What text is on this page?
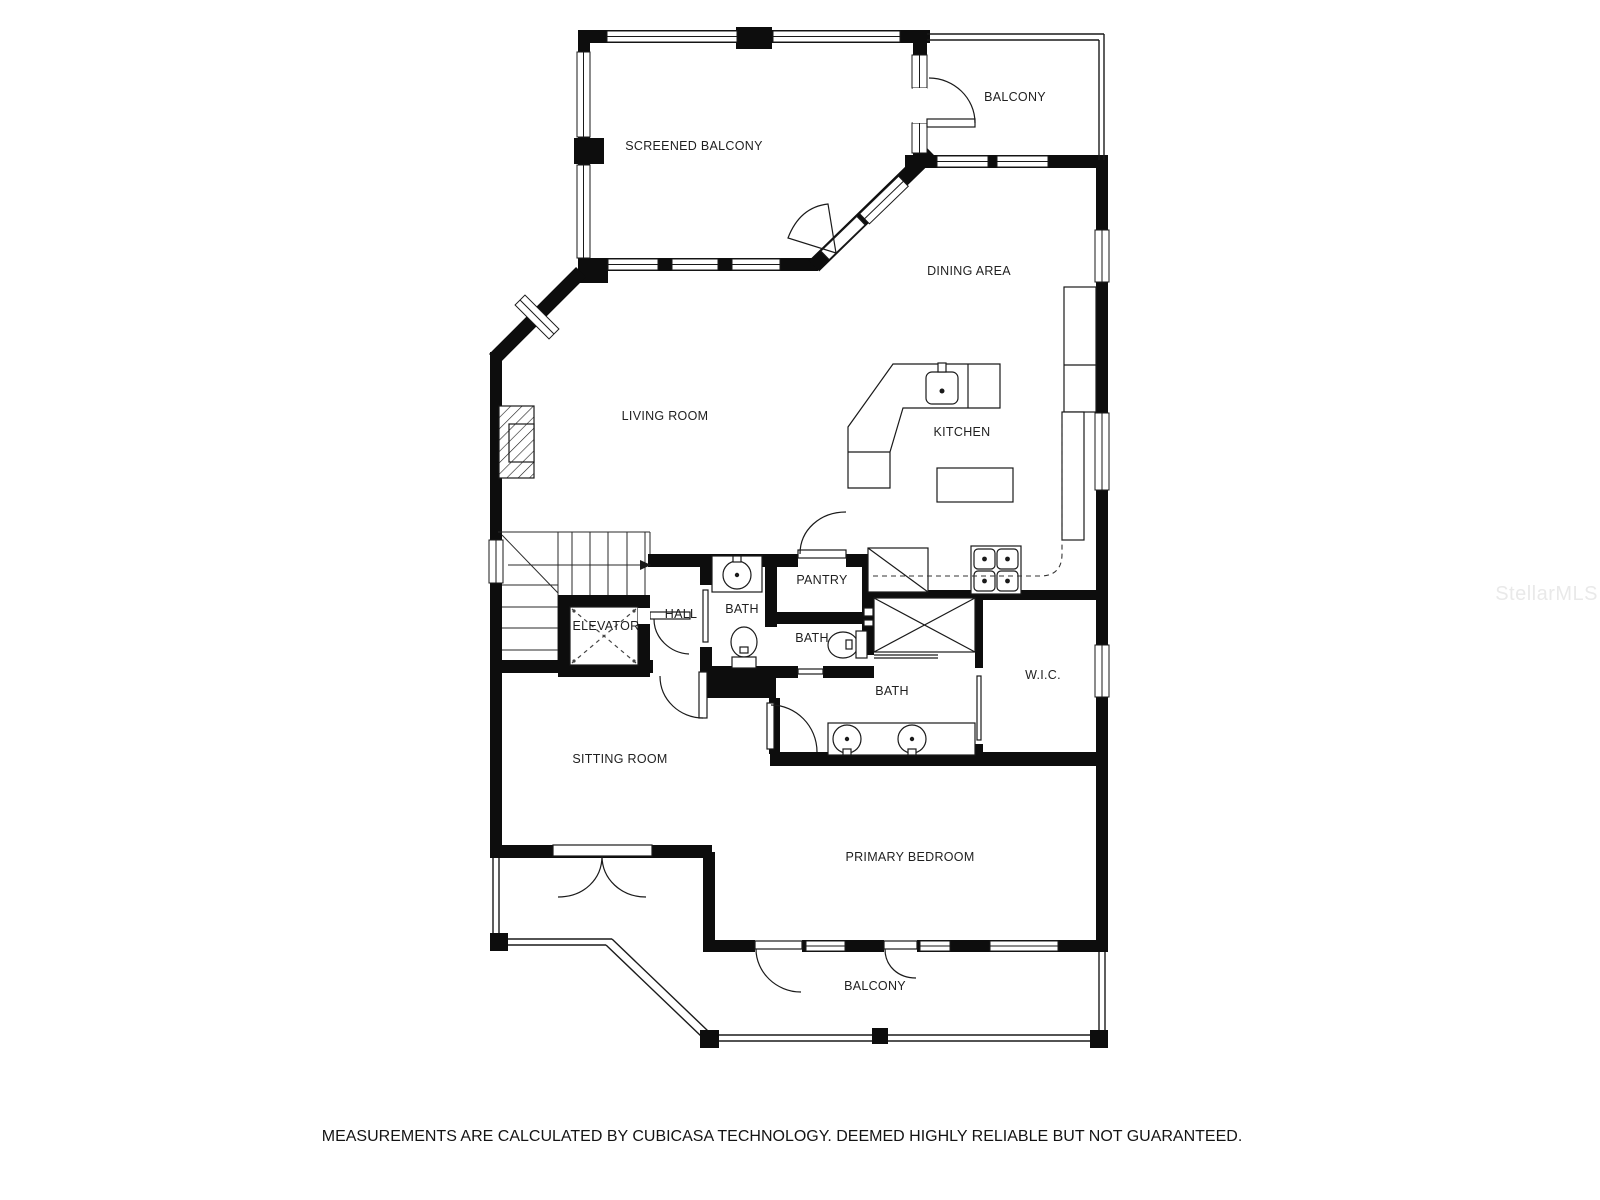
BALCONY
SCREENED BALCONY
DINING AREA
LIVING ROOM
KITCHEN
PANTRY
BATH
HALL
ELEVATOR
BATH
W.I.C.
BATH
SITTING ROOM
PRIMARY BEDROOM
BALCONY
MEASUREMENTS ARE CALCULATED BY CUBICASA TECHNOLOGY. DEEMED HIGHLY RELIABLE BUT NOT GUARANTEED.
StellarMLS
